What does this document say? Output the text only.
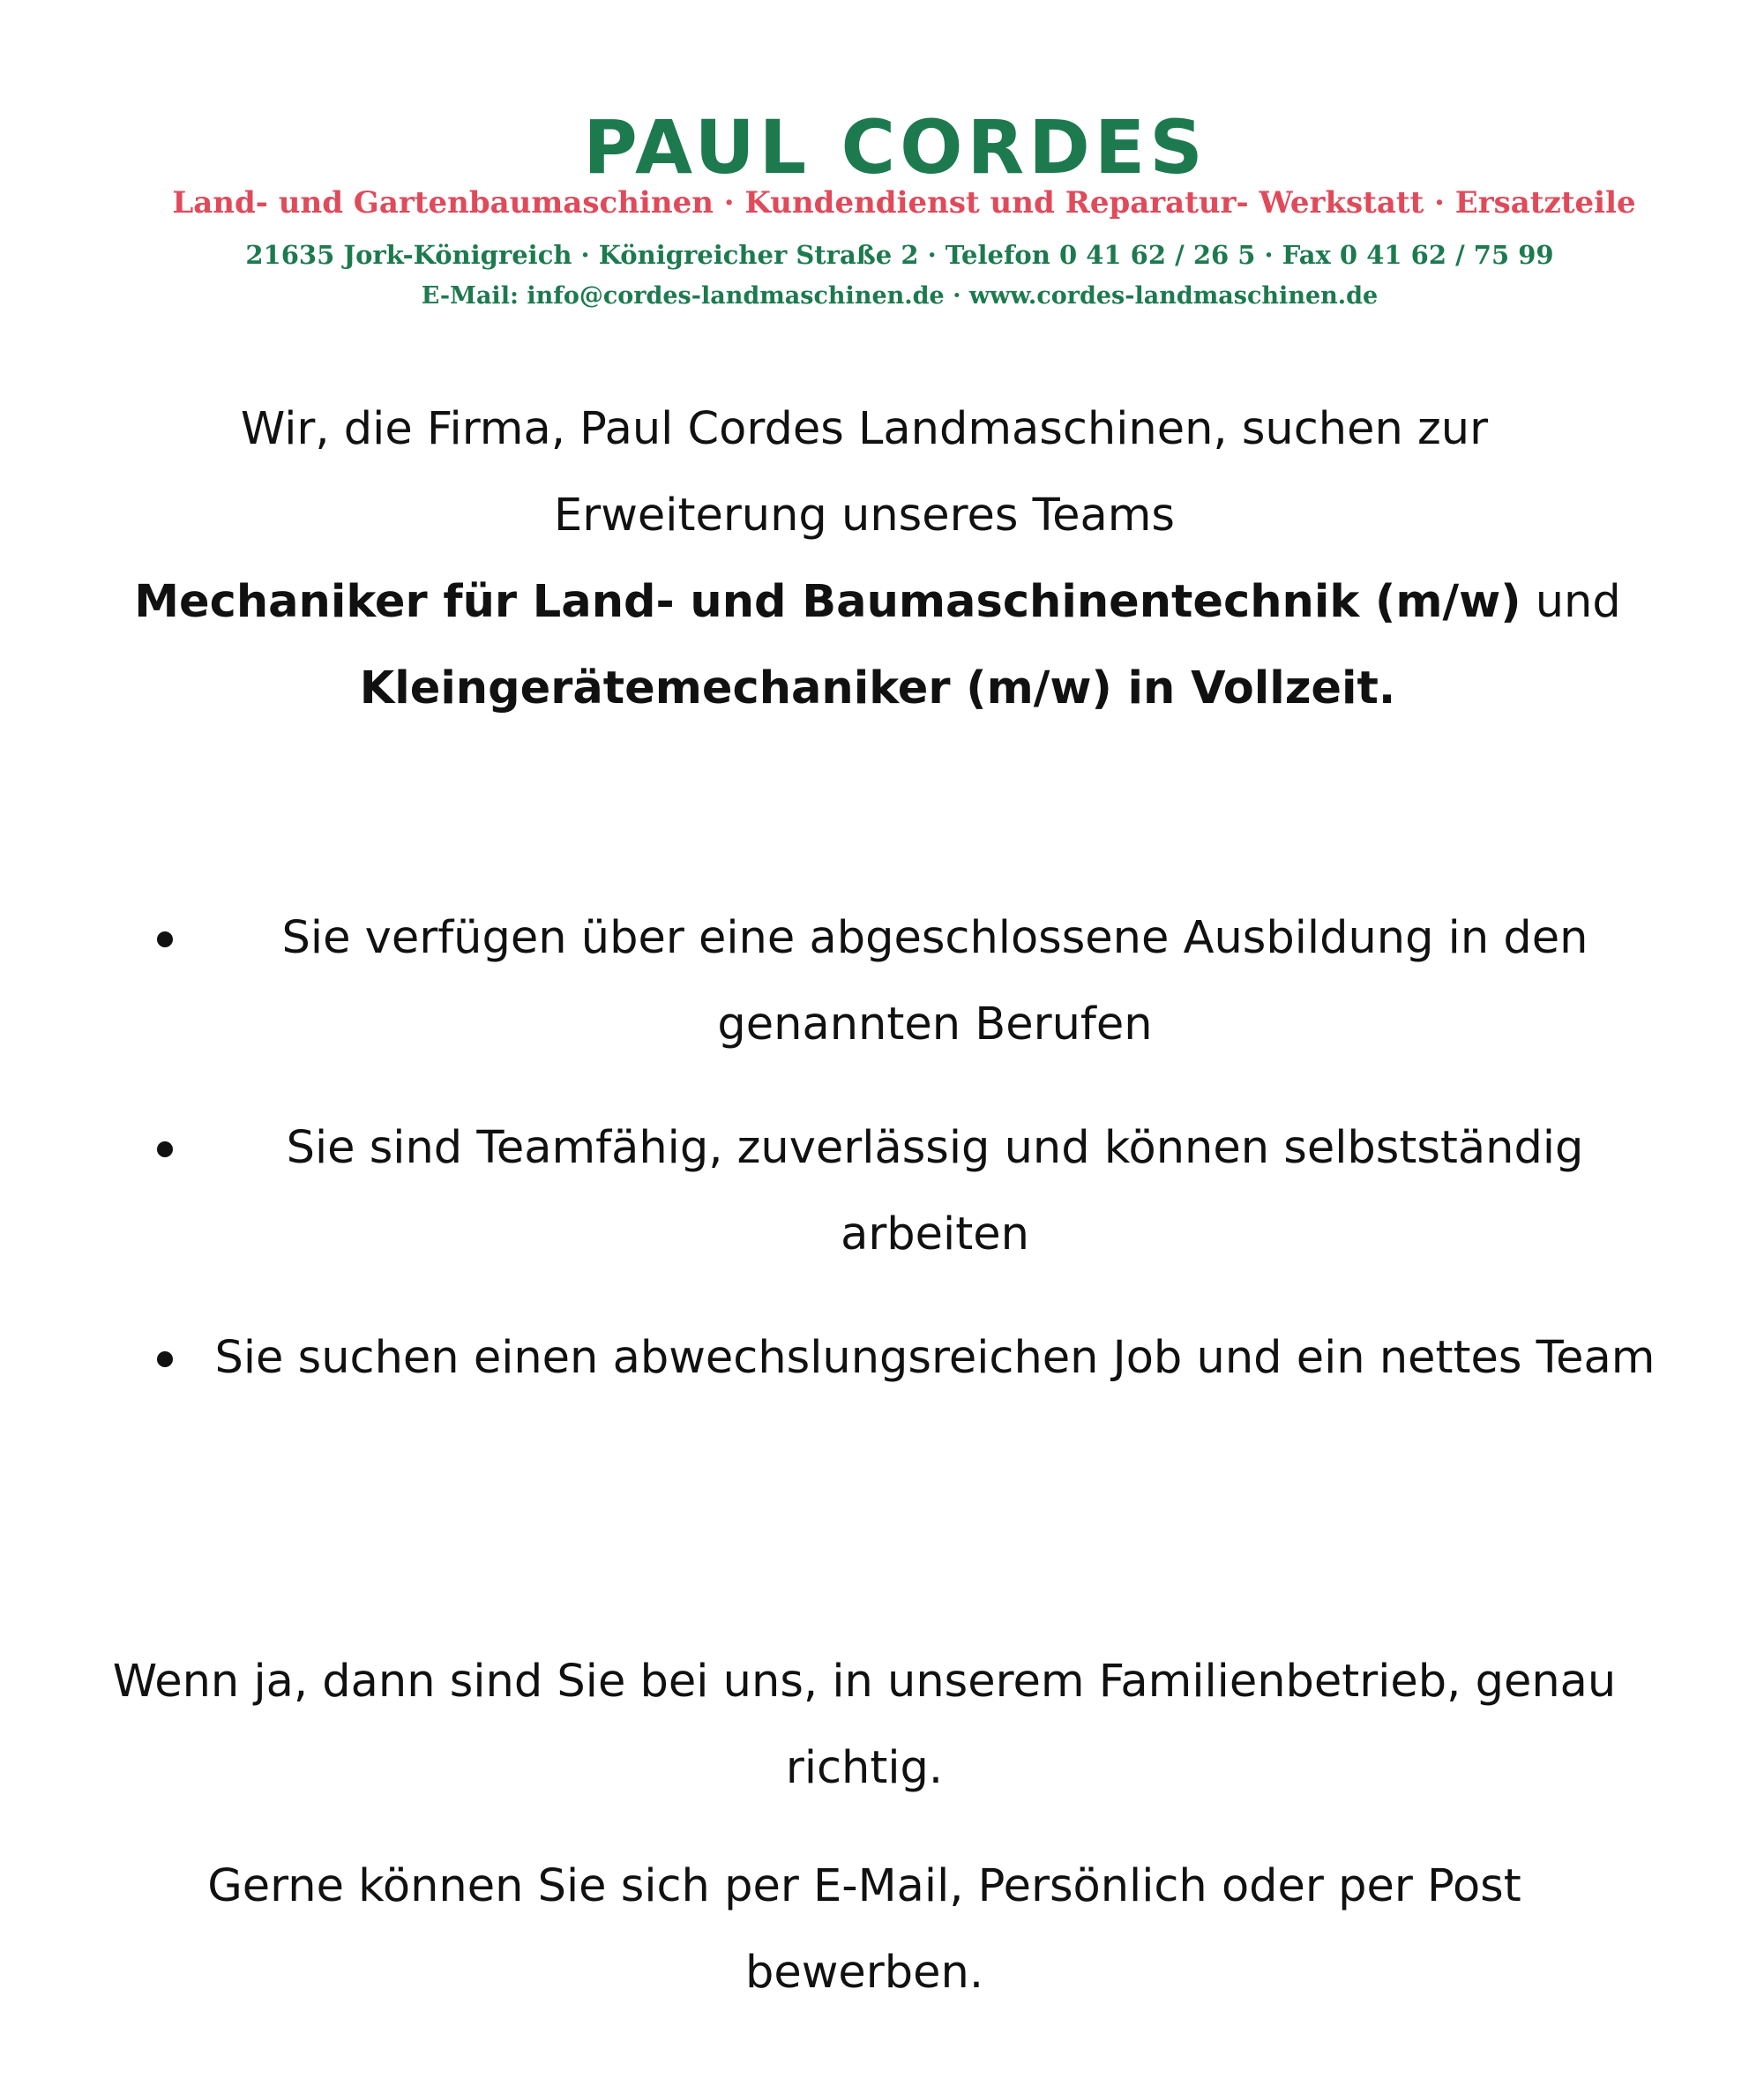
PAUL CORDES
Land- und Gartenbaumaschinen · Kundendienst und Reparatur- Werkstatt · Ersatzteile
21635 Jork-Königreich · Königreicher Straße 2 · Telefon 0 41 62 / 26 5 · Fax 0 41 62 / 75 99
E-Mail: info@cordes-landmaschinen.de · www.cordes-landmaschinen.de
Wir, die Firma, Paul Cordes Landmaschinen, suchen zur Erweiterung unseres Teams
Mechaniker für Land- und Baumaschinentechnik (m/w) und Kleingerätemechaniker (m/w) in Vollzeit.
Sie verfügen über eine abgeschlossene Ausbildung in den genannten Berufen
Sie sind Teamfähig, zuverlässig und können selbstständig arbeiten
Sie suchen einen abwechslungsreichen Job und ein nettes Team
Wenn ja, dann sind Sie bei uns, in unserem Familienbetrieb, genau richtig.
Gerne können Sie sich per E-Mail, Persönlich oder per Post bewerben.
